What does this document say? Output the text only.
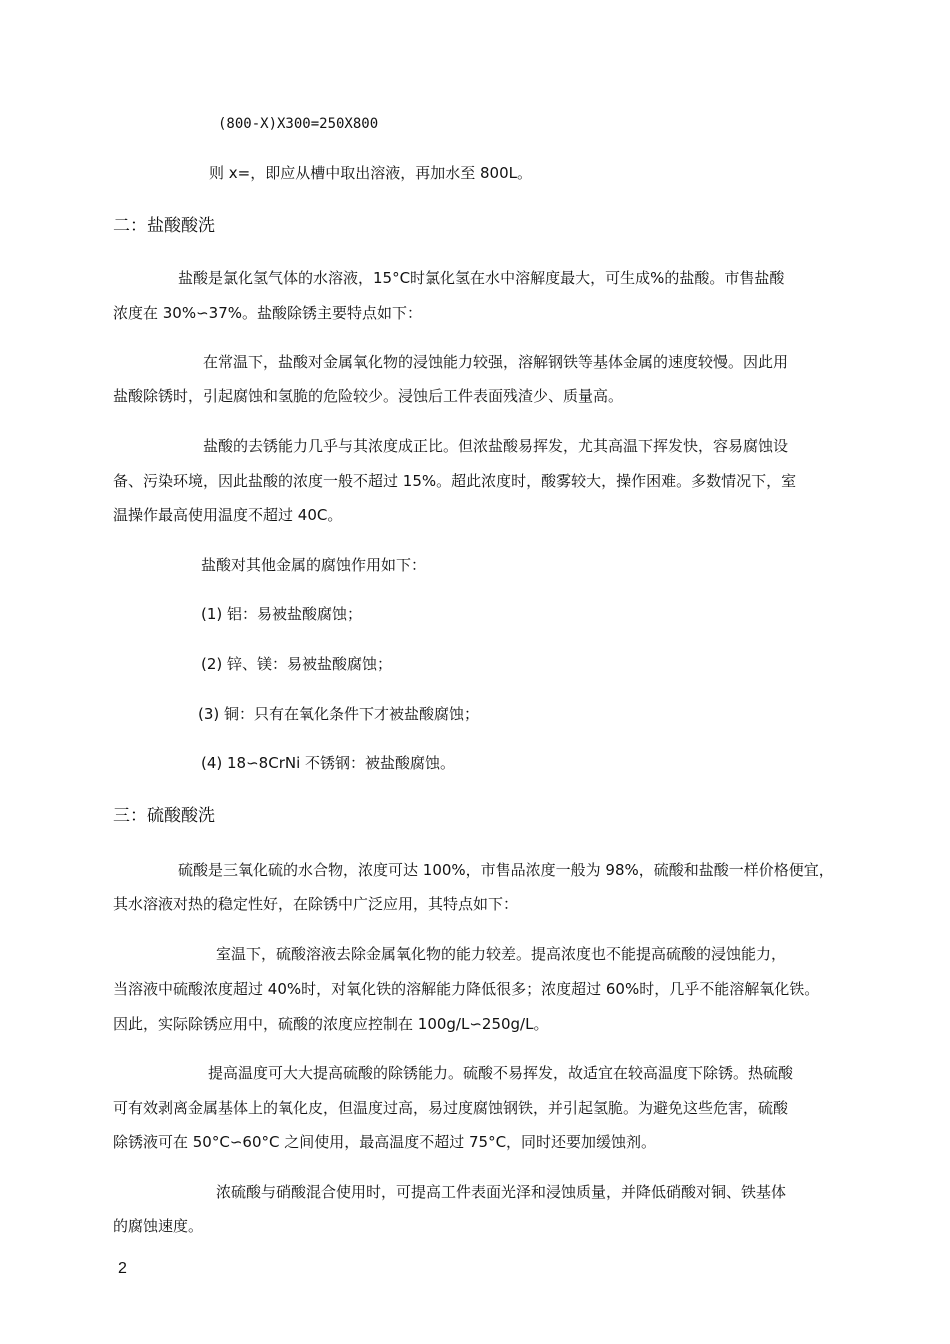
(800-X)X300=250X800
则 x=，即应从槽中取出溶液，再加水至 800L。
二：盐酸酸洗
盐酸是氯化氢气体的水溶液，15°C时氯化氢在水中溶解度最大，可生成%的盐酸。市售盐酸
浓度在 30%∽37%。盐酸除锈主要特点如下：
在常温下，盐酸对金属氧化物的浸蚀能力较强，溶解钢铁等基体金属的速度较慢。因此用
盐酸除锈时，引起腐蚀和氢脆的危险较少。浸蚀后工件表面残渣少、质量高。
盐酸的去锈能力几乎与其浓度成正比。但浓盐酸易挥发，尤其高温下挥发快，容易腐蚀设
备、污染环境，因此盐酸的浓度一般不超过 15%。超此浓度时，酸雾较大，操作困难。多数情况下，室
温操作最高使用温度不超过 40C。
盐酸对其他金属的腐蚀作用如下：
(1) 铝：易被盐酸腐蚀；
(2) 锌、镁：易被盐酸腐蚀；
(3) 铜：只有在氧化条件下才被盐酸腐蚀；
(4) 18∽8CrNi 不锈钢：被盐酸腐蚀。
三：硫酸酸洗
硫酸是三氧化硫的水合物，浓度可达 100%，市售品浓度一般为 98%，硫酸和盐酸一样价格便宜，
其水溶液对热的稳定性好，在除锈中广泛应用，其特点如下：
室温下，硫酸溶液去除金属氧化物的能力较差。提高浓度也不能提高硫酸的浸蚀能力，
当溶液中硫酸浓度超过 40%时，对氧化铁的溶解能力降低很多；浓度超过 60%时，几乎不能溶解氧化铁。
因此，实际除锈应用中，硫酸的浓度应控制在 100g/L∽250g/L。
提高温度可大大提高硫酸的除锈能力。硫酸不易挥发，故适宜在较高温度下除锈。热硫酸
可有效剥离金属基体上的氧化皮，但温度过高，易过度腐蚀钢铁，并引起氢脆。为避免这些危害，硫酸
除锈液可在 50°C∽60°C 之间使用，最高温度不超过 75°C，同时还要加缓蚀剂。
浓硫酸与硝酸混合使用时，可提高工件表面光泽和浸蚀质量，并降低硝酸对铜、铁基体
的腐蚀速度。
2
